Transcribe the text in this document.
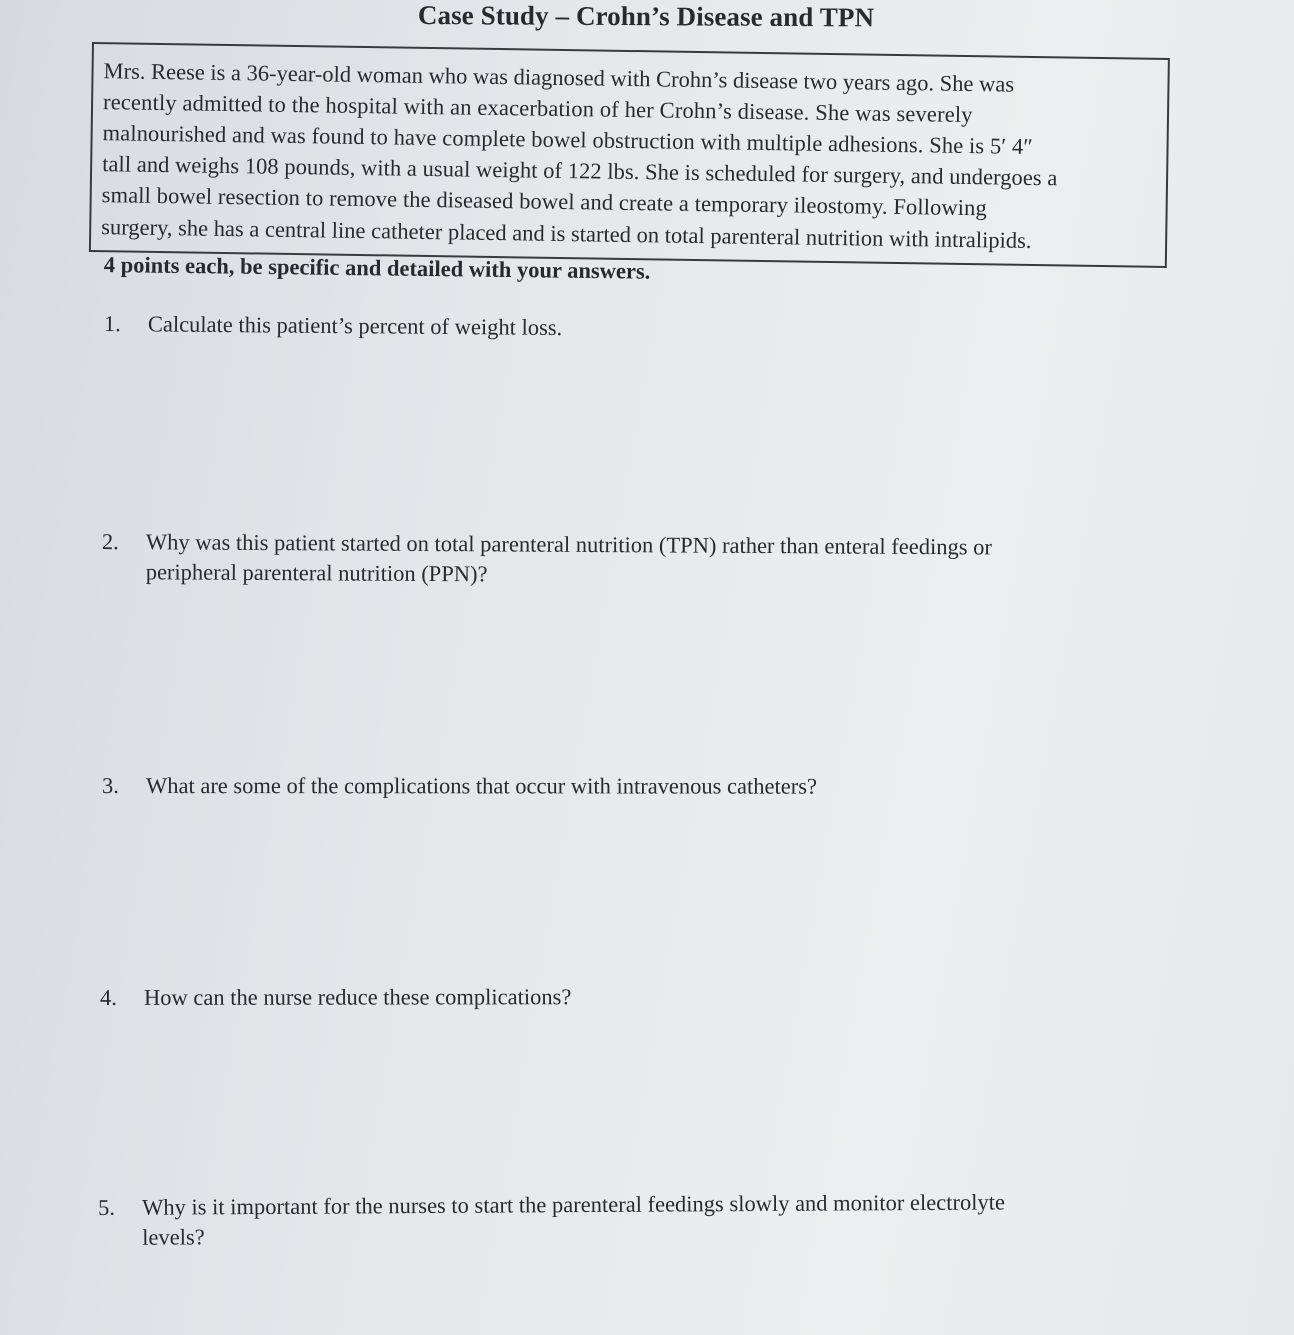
Case Study – Crohn’s Disease and TPN
Mrs. Reese is a 36-year-old woman who was diagnosed with Crohn’s disease two years ago. She was
recently admitted to the hospital with an exacerbation of her Crohn’s disease. She was severely
malnourished and was found to have complete bowel obstruction with multiple adhesions. She is 5′ 4″
tall and weighs 108 pounds, with a usual weight of 122 lbs. She is scheduled for surgery, and undergoes a
small bowel resection to remove the diseased bowel and create a temporary ileostomy. Following
surgery, she has a central line catheter placed and is started on total parenteral nutrition with intralipids.
4 points each, be specific and detailed with your answers.
1. Calculate this patient’s percent of weight loss.
2. Why was this patient started on total parenteral nutrition (TPN) rather than enteral feedings or
peripheral parenteral nutrition (PPN)?
3. What are some of the complications that occur with intravenous catheters?
4. How can the nurse reduce these complications?
5. Why is it important for the nurses to start the parenteral feedings slowly and monitor electrolyte
levels?
